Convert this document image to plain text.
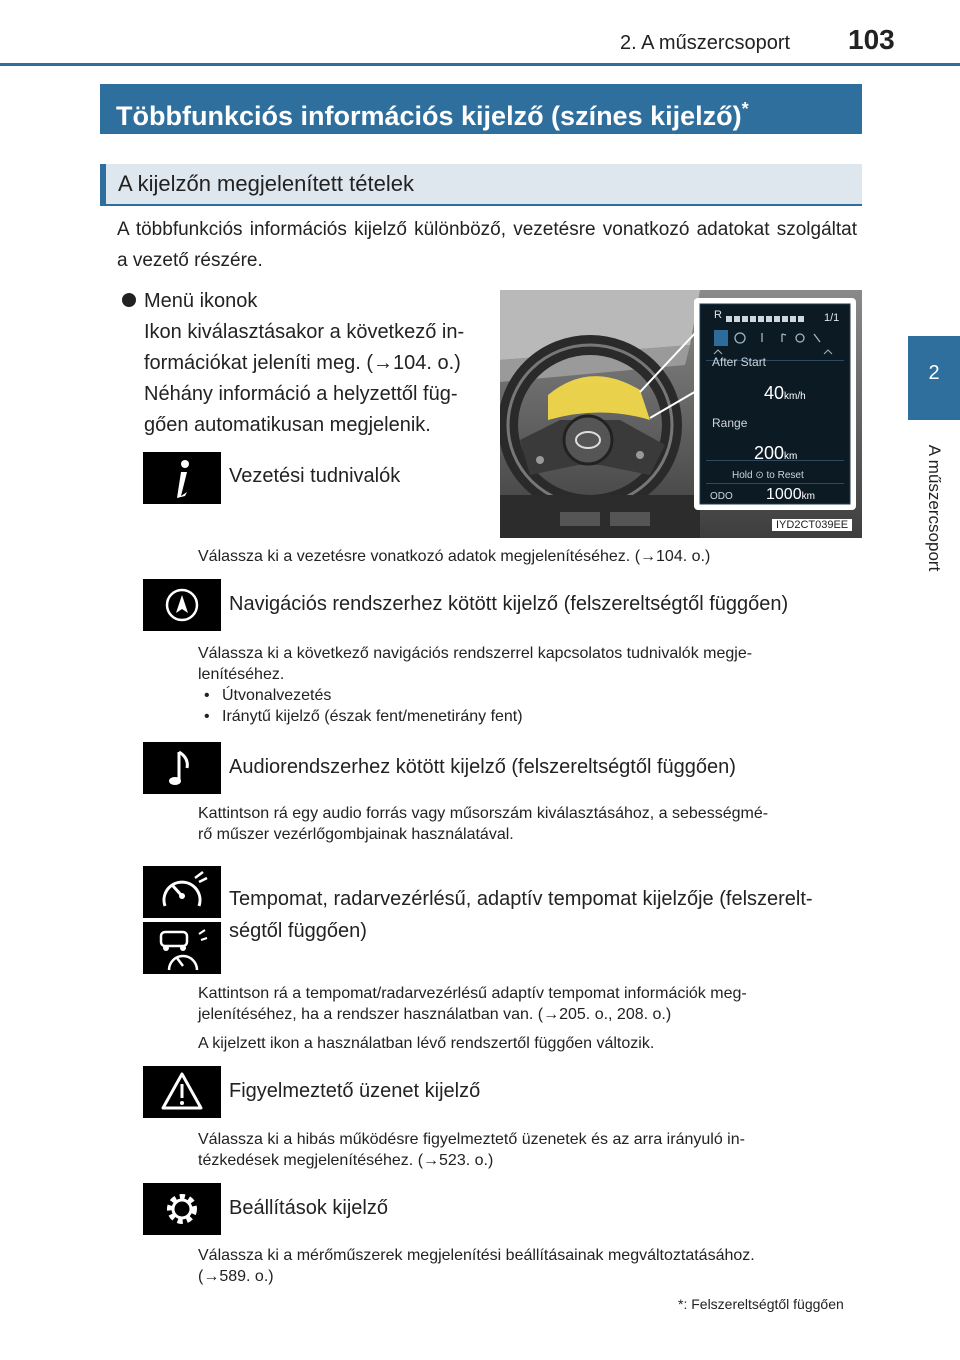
2. A műszercsoport 103
2
A műszercsoport
Többfunkciós információs kijelző (színes kijelző)*
A kijelzőn megjelenített tételek
A többfunkciós információs kijelző különböző, vezetésre vonatkozó adatokat szolgáltat a vezető részére.
Menü ikonok
Ikon kiválasztásakor a következő in-
formációkat jeleníti meg. (→104. o.)
Néhány információ a helyzettől füg-
gően automatikusan megjelenik.
R	1/1
After Start
40km/h
Range
200km
Hold ⊙ to Reset
ODO 1000km
IYD2CT039EE
Vezetési tudnivalók
Válassza ki a vezetésre vonatkozó adatok megjelenítéséhez. (→104. o.)
Navigációs rendszerhez kötött kijelző (felszereltségtől függően)
Válassza ki a következő navigációs rendszerrel kapcsolatos tudnivalók megje-
lenítéséhez.
• Útvonalvezetés
• Iránytű kijelző (észak fent/menetirány fent)
Audiorendszerhez kötött kijelző (felszereltségtől függően)
Kattintson rá egy audio forrás vagy műsorszám kiválasztásához, a sebességmé-
rő műszer vezérlőgombjainak használatával.
Tempomat, radarvezérlésű, adaptív tempomat kijelzője (felszerelt-
ségtől függően)
Kattintson rá a tempomat/radarvezérlésű adaptív tempomat információk meg-
jelenítéséhez, ha a rendszer használatban van. (→205. o., 208. o.)
A kijelzett ikon a használatban lévő rendszertől függően változik.
Figyelmeztető üzenet kijelző
Válassza ki a hibás működésre figyelmeztető üzenetek és az arra irányuló in-
tézkedések megjelenítéséhez. (→523. o.)
Beállítások kijelző
Válassza ki a mérőműszerek megjelenítési beállításainak megváltoztatásához.
(→589. o.)
*: Felszereltségtől függően
